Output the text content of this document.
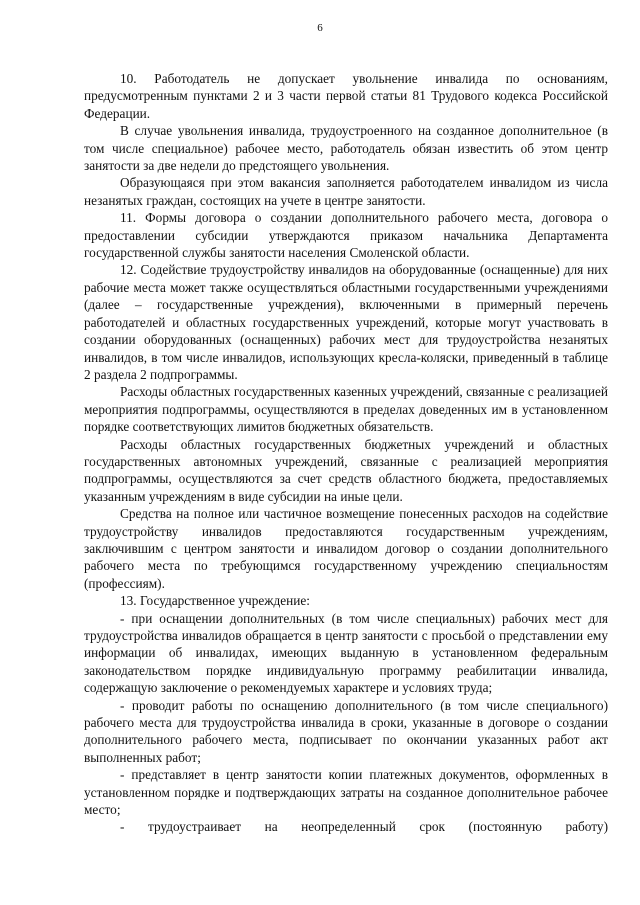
6

10. Работодатель не допускает увольнение инвалида по основаниям, предусмотренным пунктами 2 и 3 части первой статьи 81 Трудового кодекса Российской Федерации.

В случае увольнения инвалида, трудоустроенного на созданное дополнительное (в том числе специальное) рабочее место, работодатель обязан известить об этом центр занятости за две недели до предстоящего увольнения.

Образующаяся при этом вакансия заполняется работодателем инвалидом из числа незанятых граждан, состоящих на учете в центре занятости.

11. Формы договора о создании дополнительного рабочего места, договора о предоставлении субсидии утверждаются приказом начальника Департамента государственной службы занятости населения Смоленской области.

12. Содействие трудоустройству инвалидов на оборудованные (оснащенные) для них рабочие места может также осуществляться областными государственными учреждениями (далее – государственные учреждения), включенными в примерный перечень работодателей и областных государственных учреждений, которые могут участвовать в создании оборудованных (оснащенных) рабочих мест для трудоустройства незанятых инвалидов, в том числе инвалидов, использующих кресла-коляски, приведенный в таблице 2 раздела 2 подпрограммы.

Расходы областных государственных казенных учреждений, связанные с реализацией мероприятия подпрограммы, осуществляются в пределах доведенных им в установленном порядке соответствующих лимитов бюджетных обязательств.

Расходы областных государственных бюджетных учреждений и областных государственных автономных учреждений, связанные с реализацией мероприятия подпрограммы, осуществляются за счет средств областного бюджета, предоставляемых указанным учреждениям в виде субсидии на иные цели.

Средства на полное или частичное возмещение понесенных расходов на содействие трудоустройству инвалидов предоставляются государственным учреждениям, заключившим с центром занятости и инвалидом договор о создании дополнительного рабочего места по требующимся государственному учреждению специальностям (профессиям).

13. Государственное учреждение:

- при оснащении дополнительных (в том числе специальных) рабочих мест для трудоустройства инвалидов обращается в центр занятости с просьбой о представлении ему информации об инвалидах, имеющих выданную в установленном федеральным законодательством порядке индивидуальную программу реабилитации инвалида, содержащую заключение о рекомендуемых характере и условиях труда;

- проводит работы по оснащению дополнительного (в том числе специального) рабочего места для трудоустройства инвалида в сроки, указанные в договоре о создании дополнительного рабочего места, подписывает по окончании указанных работ акт выполненных работ;

- представляет в центр занятости копии платежных документов, оформленных в установленном порядке и подтверждающих затраты на созданное дополнительное рабочее место;

- трудоустраивает на неопределенный срок (постоянную работу)
